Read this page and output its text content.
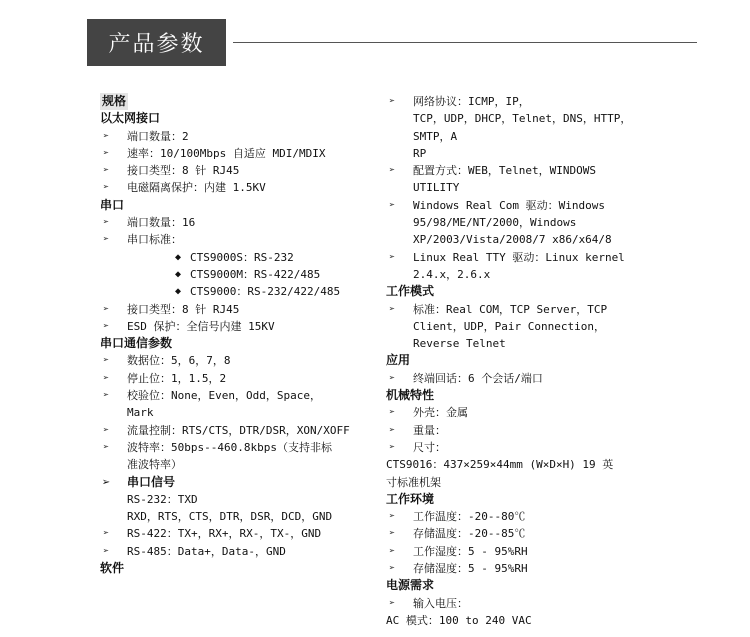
产品参数
规格
以太网接口
➢ 端口数量：2
➢ 速率：10/100Mbps 自适应 MDI/MDIX
➢ 接口类型：8 针 RJ45
➢ 电磁隔离保护：内建 1.5KV
串口
➢ 端口数量：16
➢ 串口标准：
◆ CTS9000S：RS-232
◆ CTS9000M：RS-422/485
◆ CTS9000：RS-232/422/485
➢ 接口类型：8 针 RJ45
➢ ESD 保护：全信号内建 15KV
串口通信参数
➢ 数据位：5，6，7，8
➢ 停止位：1，1.5，2
➢ 校验位：None，Even，Odd，Space，
Mark
➢ 流量控制：RTS/CTS，DTR/DSR，XON/XOFF
➢ 波特率：50bps--460.8kbps（支持非标
准波特率）
➢ 串口信号
RS-232：TXD
RXD，RTS，CTS，DTR，DSR，DCD，GND
➢ RS-422：TX+，RX+，RX-，TX-，GND
➢ RS-485：Data+，Data-，GND
软件
➢ 网络协议：ICMP，IP，
TCP，UDP，DHCP，Telnet，DNS，HTTP，SMTP，A
RP
➢ 配置方式：WEB，Telnet，WINDOWS
UTILITY
➢ Windows Real Com 驱动：Windows
95/98/ME/NT/2000，Windows
XP/2003/Vista/2008/7 x86/x64/8
➢ Linux Real TTY 驱动：Linux kernel
2.4.x，2.6.x
工作模式
➢ 标准：Real COM，TCP Server，TCP
Client，UDP，Pair Connection，
Reverse Telnet
应用
➢ 终端回话：6 个会话/端口
机械特性
➢ 外壳：金属
➢ 重量：
➢ 尺寸：
CTS9016：437×259×44mm (W×D×H) 19 英
寸标准机架
工作环境
➢ 工作温度：-20--80℃
➢ 存储温度：-20--85℃
➢ 工作湿度：5 - 95%RH
➢ 存储湿度：5 - 95%RH
电源需求
➢ 输入电压：
AC 模式：100 to 240 VAC
